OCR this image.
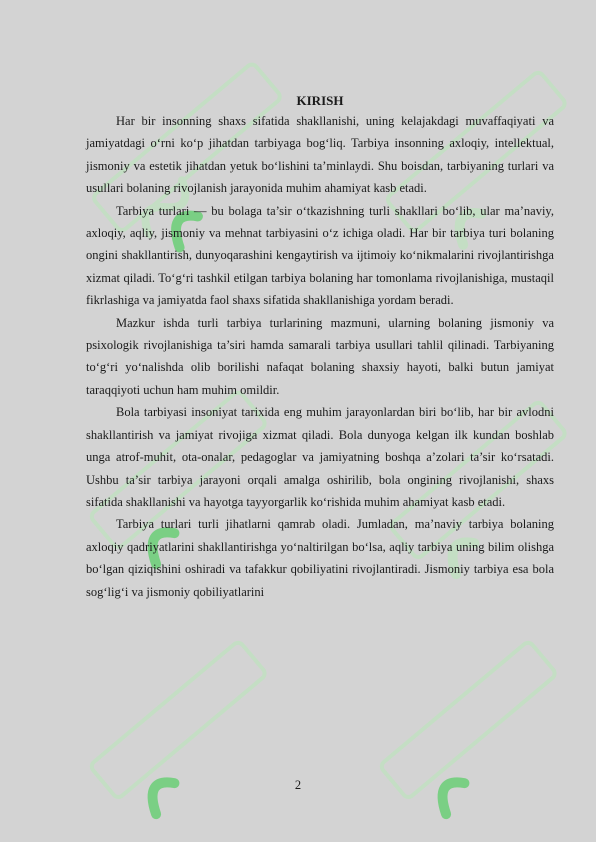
KIRISH

Har bir insonning shaxs sifatida shakllanishi, uning kelajakdagi muvaffaqiyati va jamiyatdagi o‘rni ko‘p jihatdan tarbiyaga bog‘liq. Tarbiya insonning axloqiy, intellektual, jismoniy va estetik jihatdan yetuk bo‘lishini ta’minlaydi. Shu boisdan, tarbiyaning turlari va usullari bolaning rivojlanish jarayonida muhim ahamiyat kasb etadi.

Tarbiya turlari — bu bolaga ta’sir o‘tkazishning turli shakllari bo‘lib, ular ma’naviy, axloqiy, aqliy, jismoniy va mehnat tarbiyasini o‘z ichiga oladi. Har bir tarbiya turi bolaning ongini shakllantirish, dunyoqarashini kengaytirish va ijtimoiy ko‘nikmalarini rivojlantirishga xizmat qiladi. To‘g‘ri tashkil etilgan tarbiya bolaning har tomonlama rivojlanishiga, mustaqil fikrlashiga va jamiyatda faol shaxs sifatida shakllanishiga yordam beradi.

Mazkur ishda turli tarbiya turlarining mazmuni, ularning bolaning jismoniy va psixologik rivojlanishiga ta’siri hamda samarali tarbiya usullari tahlil qilinadi. Tarbiyaning to‘g‘ri yo‘nalishda olib borilishi nafaqat bolaning shaxsiy hayoti, balki butun jamiyat taraqqiyoti uchun ham muhim omildir.

Bola tarbiyasi insoniyat tarixida eng muhim jarayonlardan biri bo‘lib, har bir avlodni shakllantirish va jamiyat rivojiga xizmat qiladi. Bola dunyoga kelgan ilk kundan boshlab unga atrof-muhit, ota-onalar, pedagoglar va jamiyatning boshqa a’zolari ta’sir ko‘rsatadi. Ushbu ta’sir tarbiya jarayoni orqali amalga oshirilib, bola ongining rivojlanishi, shaxs sifatida shakllanishi va hayotga tayyorgarlik ko‘rishida muhim ahamiyat kasb etadi.

Tarbiya turlari turli jihatlarni qamrab oladi. Jumladan, ma’naviy tarbiya bolaning axloqiy qadriyatlarini shakllantirishga yo‘naltirilgan bo‘lsa, aqliy tarbiya uning bilim olishga bo‘lgan qiziqishini oshiradi va tafakkur qobiliyatini rivojlantiradi. Jismoniy tarbiya esa bola sog‘lig‘i va jismoniy qobiliyatlarini

2
